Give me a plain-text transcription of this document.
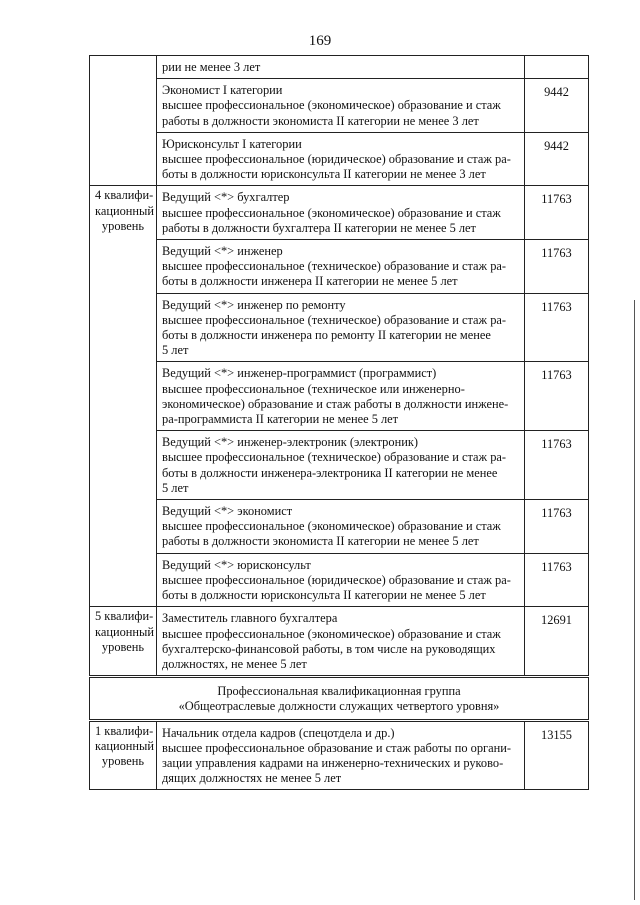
169

	рии не менее 3 лет	

	Экономист I категории
высшее профессиональное (экономическое) образование и стаж
работы в должности экономиста II категории не менее 3 лет	9442

	Юрисконсульт I категории
высшее профессиональное (юридическое) образование и стаж ра-
боты в должности юрисконсульта II категории не менее 3 лет	9442

4 квалифи-
кационный
уровень	Ведущий <*> бухгалтер
высшее профессиональное (экономическое) образование и стаж
работы в должности бухгалтера II категории не менее 5 лет	11763

	Ведущий <*> инженер
высшее профессиональное (техническое) образование и стаж ра-
боты в должности инженера II категории не менее 5 лет	11763

	Ведущий <*> инженер по ремонту
высшее профессиональное (техническое) образование и стаж ра-
боты в должности инженера по ремонту II категории не менее
5 лет	11763

	Ведущий <*> инженер-программист (программист)
высшее профессиональное (техническое или инженерно-
экономическое) образование и стаж работы в должности инжене-
ра-программиста II категории не менее 5 лет	11763

	Ведущий <*> инженер-электроник (электроник)
высшее профессиональное (техническое) образование и стаж ра-
боты в должности инженера-электроника II категории не менее
5 лет	11763

	Ведущий <*> экономист
высшее профессиональное (экономическое) образование и стаж
работы в должности экономиста II категории не менее 5 лет	11763

	Ведущий <*> юрисконсульт
высшее профессиональное (юридическое) образование и стаж ра-
боты в должности юрисконсульта II категории не менее 5 лет	11763

5 квалифи-
кационный
уровень	Заместитель главного бухгалтера
высшее профессиональное (экономическое) образование и стаж
бухгалтерско-финансовой работы, в том числе на руководящих
должностях, не менее 5 лет	12691

Профессиональная квалификационная группа
«Общеотраслевые должности служащих четвертого уровня»		

1 квалифи-
кационный
уровень	Начальник отдела кадров (спецотдела и др.)
высшее профессиональное образование и стаж работы по органи-
зации управления кадрами на инженерно-технических и руково-
дящих должностях не менее 5 лет	13155
